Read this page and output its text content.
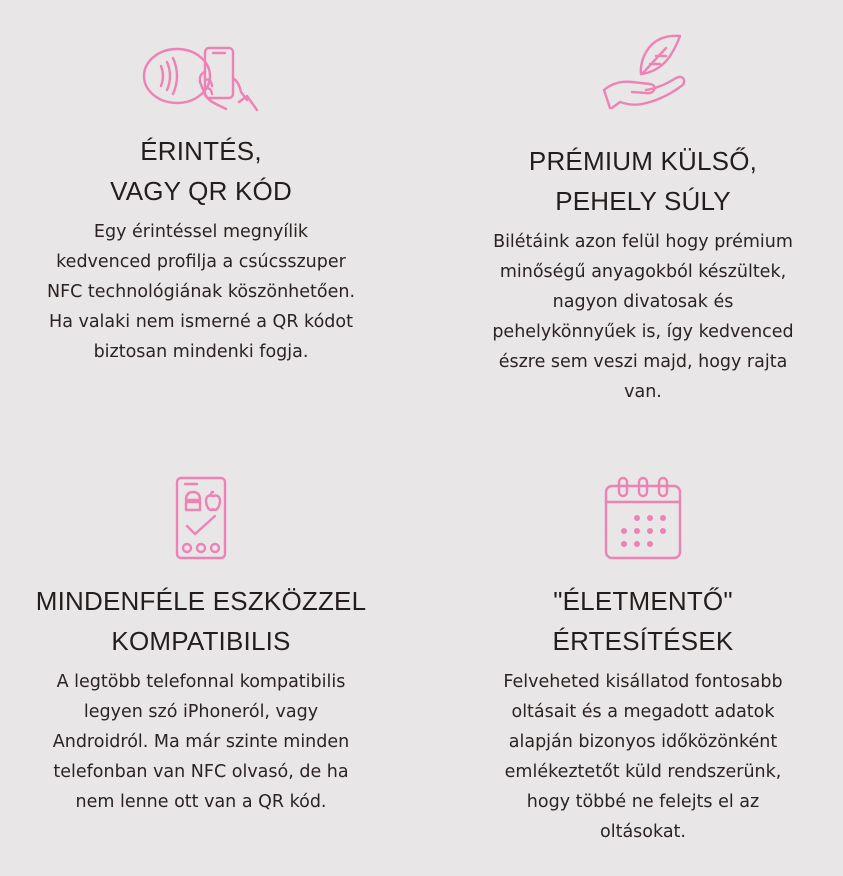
ÉRINTÉS,
VAGY QR KÓD

Egy érintéssel megnyílik kedvenced profilja a csúcsszuper NFC technológiának köszönhetően. Ha valaki nem ismerné a QR kódot biztosan mindenki fogja.

PRÉMIUM KÜLSŐ,
PEHELY SÚLY

Bilétáink azon felül hogy prémium minőségű anyagokból készültek, nagyon divatosak és pehelykönnyűek is, így kedvenced észre sem veszi majd, hogy rajta van.

MINDENFÉLE ESZKÖZZEL
KOMPATIBILIS

A legtöbb telefonnal kompatibilis legyen szó iPhoneról, vagy Androidról. Ma már szinte minden telefonban van NFC olvasó, de ha nem lenne ott van a QR kód.

"ÉLETMENTŐ"
ÉRTESÍTÉSEK

Felveheted kisállatod fontosabb oltásait és a megadott adatok alapján bizonyos időközönként emlékeztetőt küld rendszerünk, hogy többé ne felejts el az oltásokat.
